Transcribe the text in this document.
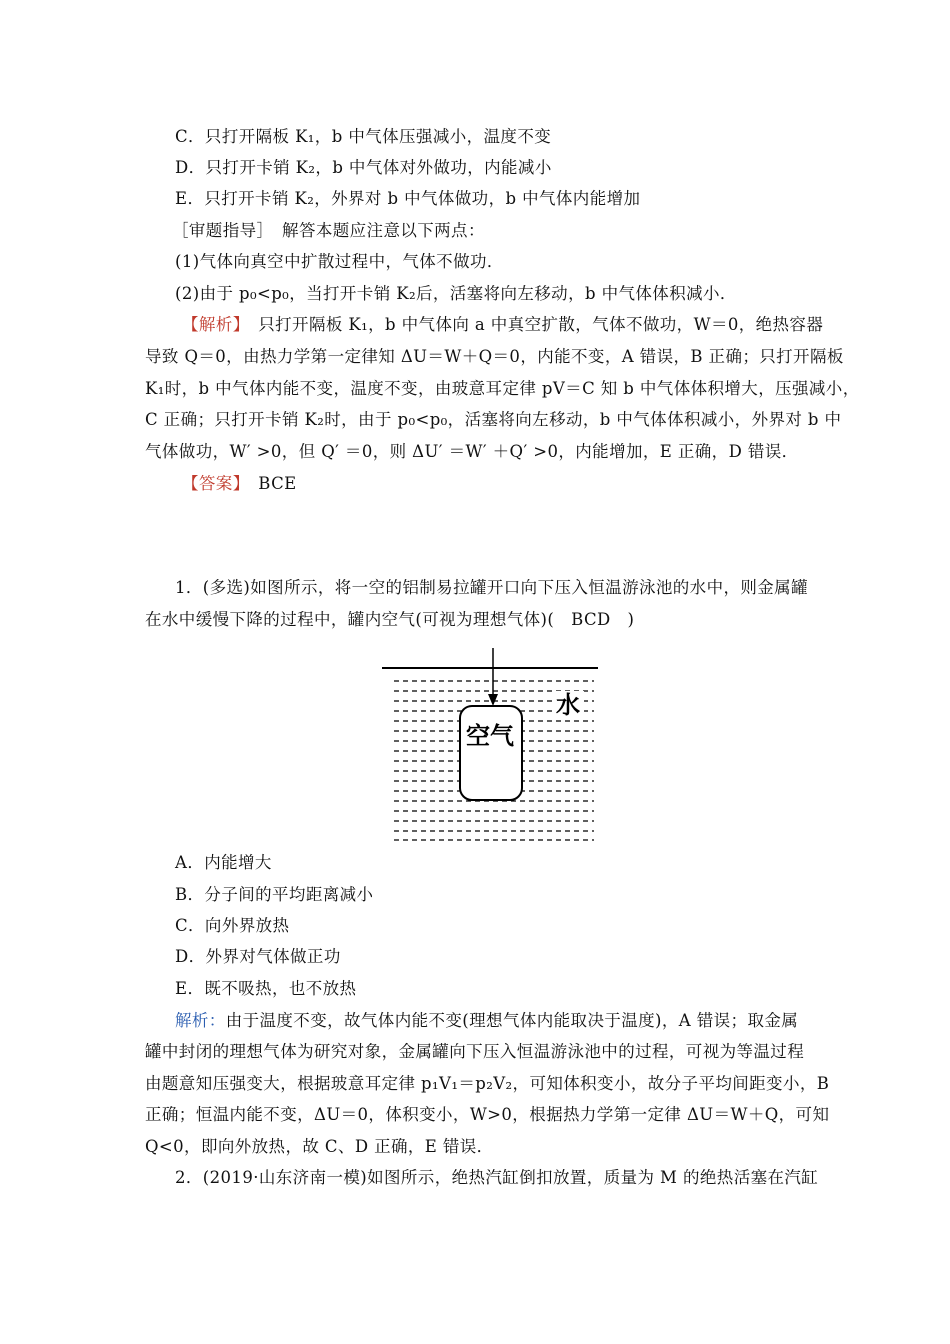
C．只打开隔板 K₁，b 中气体压强减小，温度不变
D．只打开卡销 K₂，b 中气体对外做功，内能减小
E．只打开卡销 K₂，外界对 b 中气体做功，b 中气体内能增加
［审题指导］　解答本题应注意以下两点：
(1)气体向真空中扩散过程中，气体不做功．
(2)由于 p₀<p₀，当打开卡销 K₂后，活塞将向左移动，b 中气体体积减小．
【解析】　只打开隔板 K₁，b 中气体向 a 中真空扩散，气体不做功，W＝0，绝热容器
导致 Q＝0，由热力学第一定律知 ΔU＝W＋Q＝0，内能不变，A 错误，B 正确；只打开隔板
K₁时，b 中气体内能不变，温度不变，由玻意耳定律 pV＝C 知 b 中气体体积增大，压强减小，
C 正确；只打开卡销 K₂时，由于 p₀<p₀，活塞将向左移动，b 中气体体积减小，外界对 b 中
气体做功，W′ >0，但 Q′ ＝0，则 ΔU′ ＝W′ ＋Q′ >0，内能增加，E 正确，D 错误．
【答案】　BCE
1．(多选)如图所示，将一空的铝制易拉罐开口向下压入恒温游泳池的水中，则金属罐
在水中缓慢下降的过程中，罐内空气(可视为理想气体)(　BCD　)
空气
水
A．内能增大
B．分子间的平均距离减小
C．向外界放热
D．外界对气体做正功
E．既不吸热，也不放热
解析：由于温度不变，故气体内能不变(理想气体内能取决于温度)，A 错误；取金属
罐中封闭的理想气体为研究对象，金属罐向下压入恒温游泳池中的过程，可视为等温过程
由题意知压强变大，根据玻意耳定律 p₁V₁＝p₂V₂，可知体积变小，故分子平均间距变小，B
正确；恒温内能不变，ΔU＝0，体积变小，W>0，根据热力学第一定律 ΔU＝W＋Q，可知
Q<0，即向外放热，故 C、D 正确，E 错误．
2．(2019·山东济南一模)如图所示，绝热汽缸倒扣放置，质量为 M 的绝热活塞在汽缸
